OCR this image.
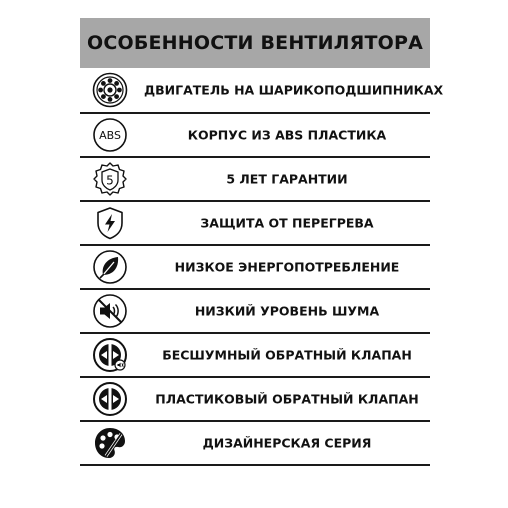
ОСОБЕННОСТИ ВЕНТИЛЯТОРА
ДВИГАТЕЛЬ НА ШАРИКОПОДШИПНИКАХ
ABS	КОРПУС ИЗ ABS ПЛАСТИКА
5	5 ЛЕТ ГАРАНТИИ
ЗАЩИТА ОТ ПЕРЕГРЕВА
НИЗКОЕ ЭНЕРГОПОТРЕБЛЕНИЕ
НИЗКИЙ УРОВЕНЬ ШУМА
БЕСШУМНЫЙ ОБРАТНЫЙ КЛАПАН
ПЛАСТИКОВЫЙ ОБРАТНЫЙ КЛАПАН
ДИЗАЙНЕРСКАЯ СЕРИЯ
